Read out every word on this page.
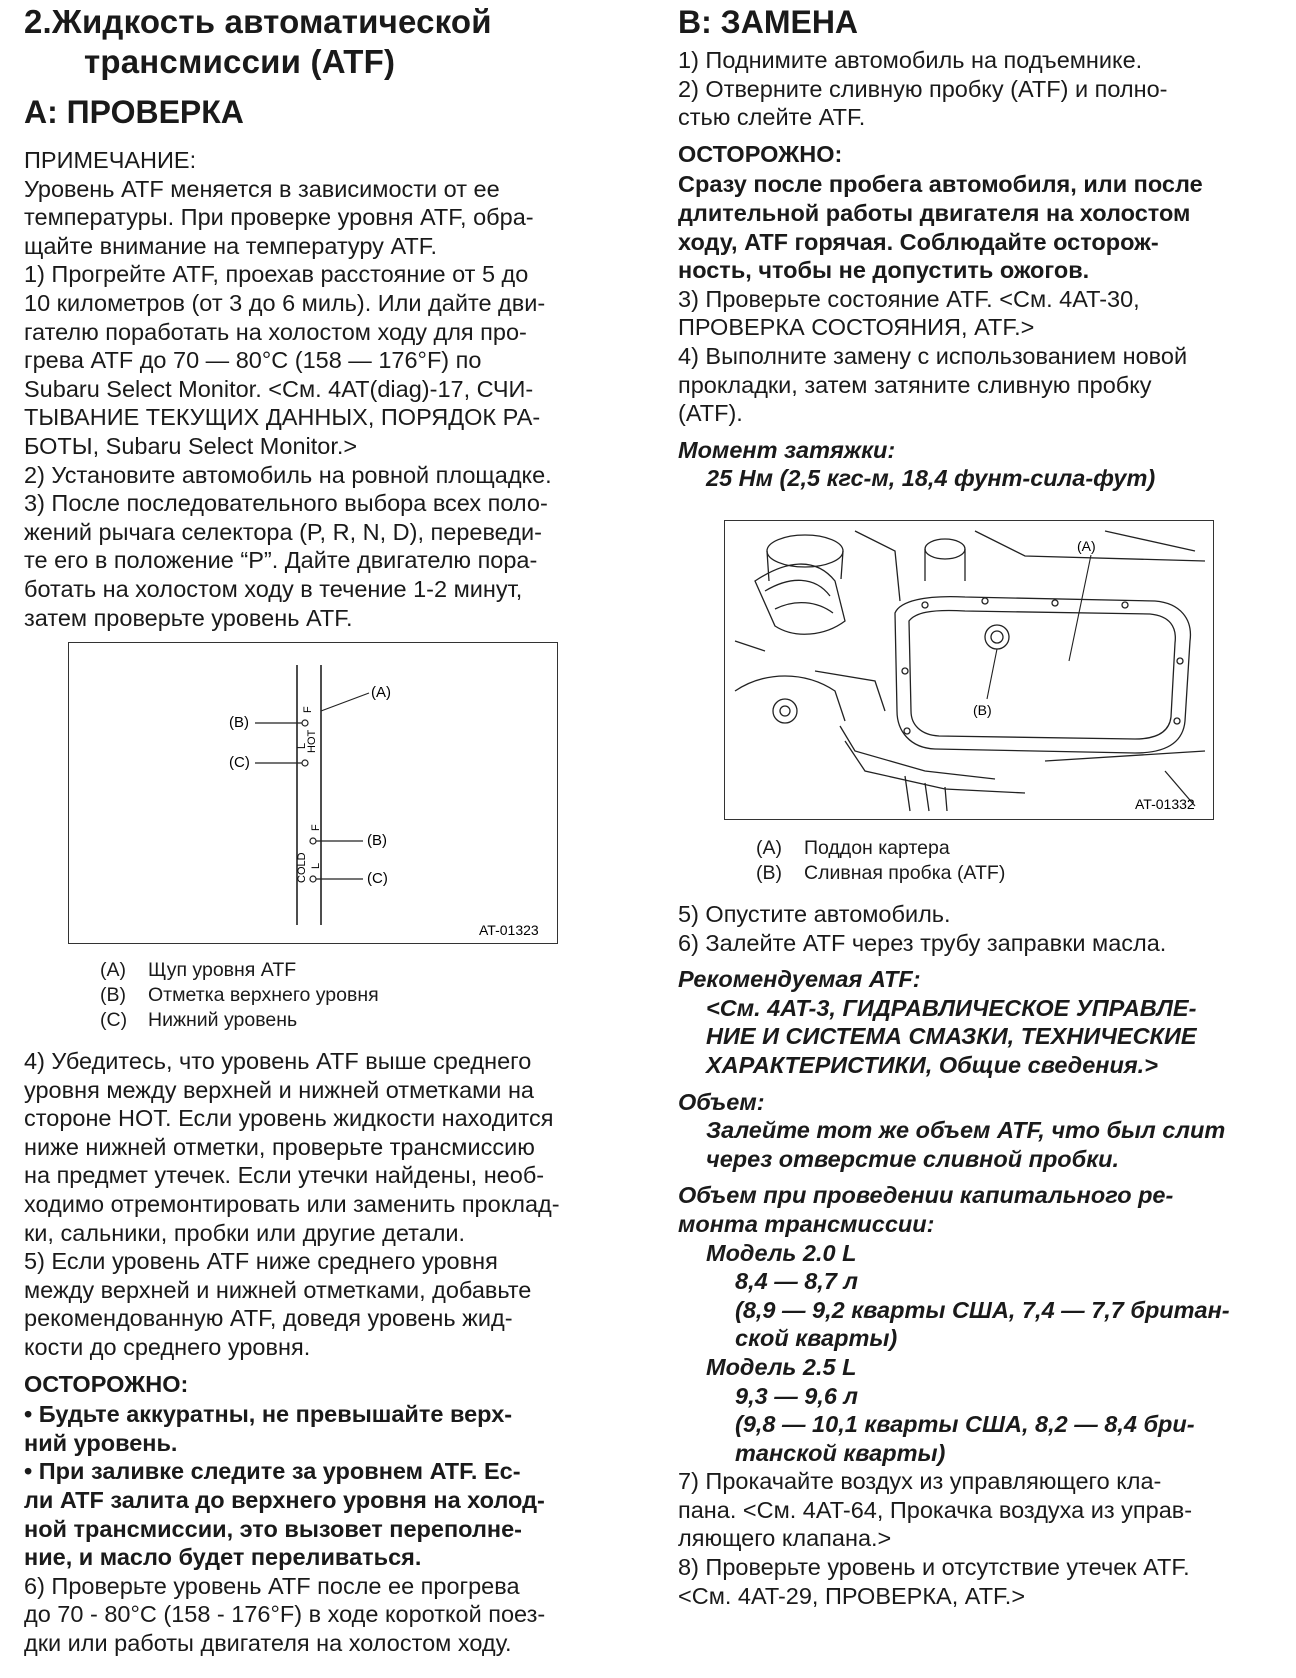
2.Жидкость автоматической
трансмиссии (ATF)
A: ПРОВЕРКА
ПРИМЕЧАНИЕ:
Уровень ATF меняется в зависимости от ее
температуры. При проверке уровня ATF, обра-
щайте внимание на температуру ATF.
1) Прогрейте ATF, проехав расстояние от 5 до
10 километров (от 3 до 6 миль). Или дайте дви-
гателю поработать на холостом ходу для про-
грева ATF до 70 — 80°C (158 — 176°F) по
Subaru Select Monitor. <См. 4AT(diag)-17, СЧИ-
ТЫВАНИЕ ТЕКУЩИХ ДАННЫХ, ПОРЯДОК РА-
БОТЫ, Subaru Select Monitor.>
2) Установите автомобиль на ровной площадке.
3) После последовательного выбора всех поло-
жений рычага селектора (P, R, N, D), переведи-
те его в положение “P”. Дайте двигателю пора-
ботать на холостом ходу в течение 1-2 минут,
затем проверьте уровень ATF.
(A)
(B)
(C)
F
HOT
L
(B)
(C)
F
COLD L
AT-01323
(A) Щуп уровня ATF
(B) Отметка верхнего уровня
(C) Нижний уровень
4) Убедитесь, что уровень ATF выше среднего
уровня между верхней и нижней отметками на
стороне HOT. Если уровень жидкости находится
ниже нижней отметки, проверьте трансмиссию
на предмет утечек. Если утечки найдены, необ-
ходимо отремонтировать или заменить проклад-
ки, сальники, пробки или другие детали.
5) Если уровень ATF ниже среднего уровня
между верхней и нижней отметками, добавьте
рекомендованную ATF, доведя уровень жид-
кости до среднего уровня.
ОСТОРОЖНО:
• Будьте аккуратны, не превышайте верх-
ний уровень.
• При заливке следите за уровнем ATF. Ес-
ли ATF залита до верхнего уровня на холод-
ной трансмиссии, это вызовет переполне-
ние, и масло будет переливаться.
6) Проверьте уровень ATF после ее прогрева
до 70 - 80°C (158 - 176°F) в ходе короткой поез-
дки или работы двигателя на холостом ходу.
B: ЗАМЕНА
1) Поднимите автомобиль на подъемнике.
2) Отверните сливную пробку (ATF) и полно-
стью слейте ATF.
ОСТОРОЖНО:
Сразу после пробега автомобиля, или после
длительной работы двигателя на холостом
ходу, ATF горячая. Соблюдайте осторож-
ность, чтобы не допустить ожогов.
3) Проверьте состояние ATF. <См. 4AT-30,
ПРОВЕРКА СОСТОЯНИЯ, ATF.>
4) Выполните замену с использованием новой
прокладки, затем затяните сливную пробку
(ATF).
Момент затяжки:
25 Нм (2,5 кгс-м, 18,4 фунт-сила-фут)
(A)
(B)
AT-01332
(A) Поддон картера
(B) Сливная пробка (ATF)
5) Опустите автомобиль.
6) Залейте ATF через трубу заправки масла.
Рекомендуемая ATF:
<См. 4AT-3, ГИДРАВЛИЧЕСКОЕ УПРАВЛЕ-
НИЕ И СИСТЕМА СМАЗКИ, ТЕХНИЧЕСКИЕ
ХАРАКТЕРИСТИКИ, Общие сведения.>
Объем:
Залейте тот же объем ATF, что был слит
через отверстие сливной пробки.
Объем при проведении капитального ре-
монта трансмиссии:
Модель 2.0 L
8,4 — 8,7 л
(8,9 — 9,2 кварты США, 7,4 — 7,7 британ-
ской кварты)
Модель 2.5 L
9,3 — 9,6 л
(9,8 — 10,1 кварты США, 8,2 — 8,4 бри-
танской кварты)
7) Прокачайте воздух из управляющего кла-
пана. <См. 4AT-64, Прокачка воздуха из управ-
ляющего клапана.>
8) Проверьте уровень и отсутствие утечек ATF.
<См. 4AT-29, ПРОВЕРКА, ATF.>
